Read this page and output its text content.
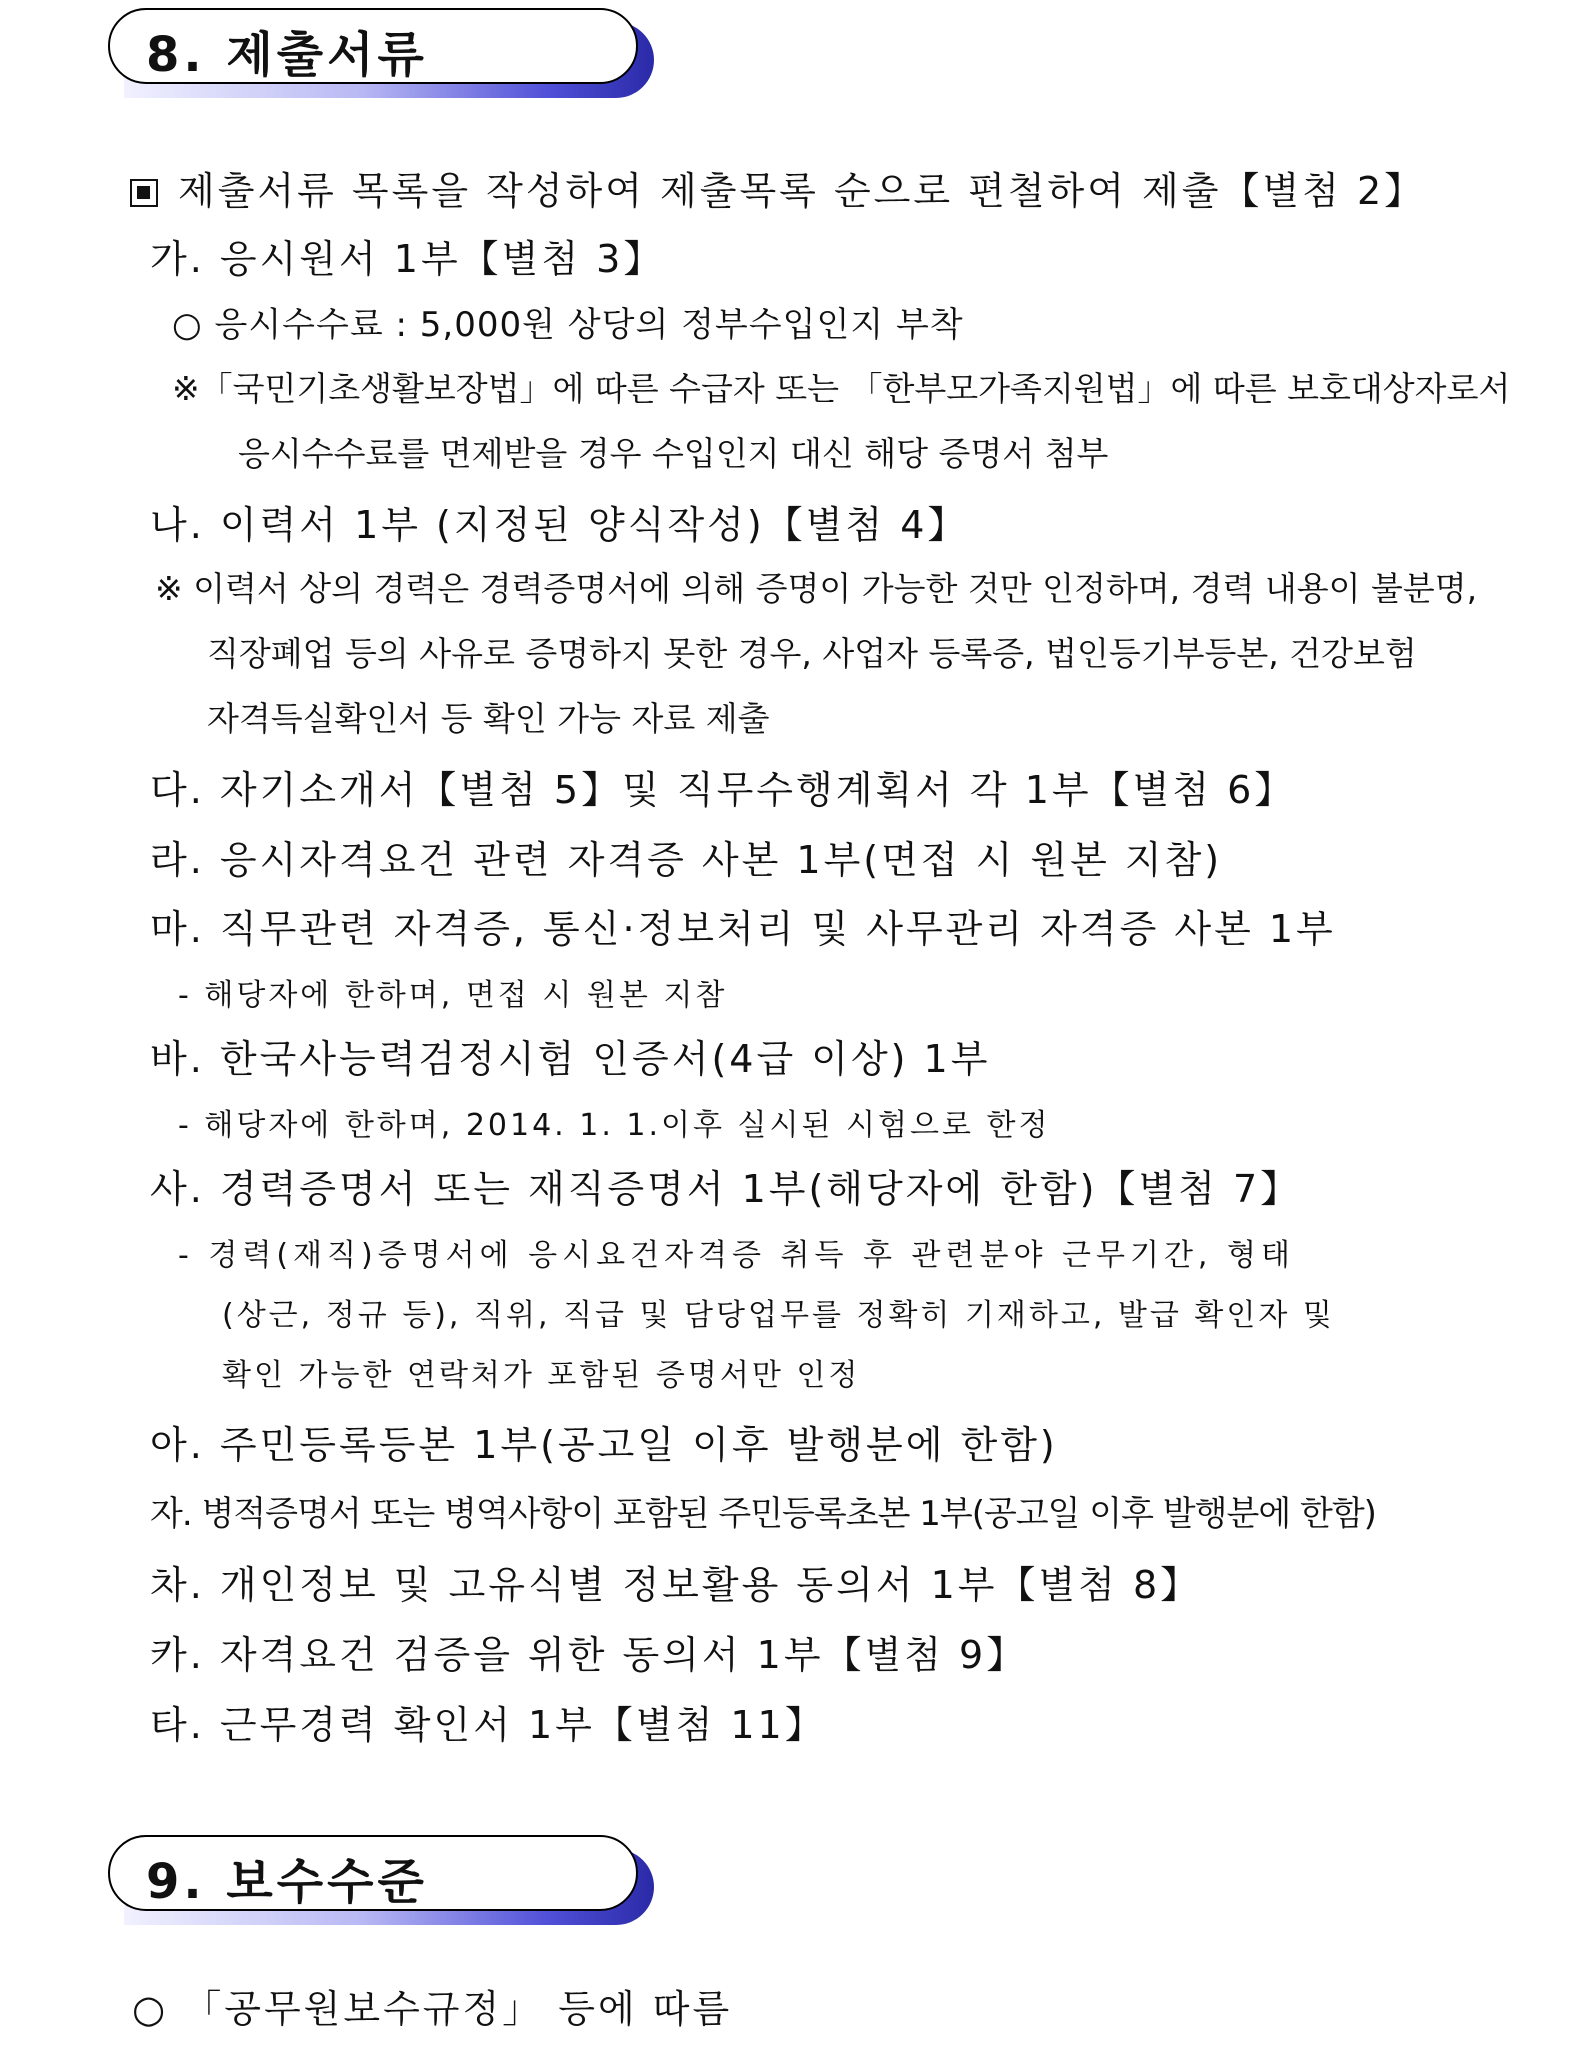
8. 제출서류
제출서류 목록을 작성하여 제출목록 순으로 편철하여 제출【별첨 2】
가. 응시원서 1부【별첨 3】
○ 응시수수료 : 5,000원 상당의 정부수입인지 부착
※「국민기초생활보장법」에 따른 수급자 또는 「한부모가족지원법」에 따른 보호대상자로서
응시수수료를 면제받을 경우 수입인지 대신 해당 증명서 첨부
나. 이력서 1부 (지정된 양식작성)【별첨 4】
※ 이력서 상의 경력은 경력증명서에 의해 증명이 가능한 것만 인정하며, 경력 내용이 불분명,
직장폐업 등의 사유로 증명하지 못한 경우, 사업자 등록증, 법인등기부등본, 건강보험
자격득실확인서 등 확인 가능 자료 제출
다. 자기소개서【별첨 5】및 직무수행계획서 각 1부【별첨 6】
라. 응시자격요건 관련 자격증 사본 1부(면접 시 원본 지참)
마. 직무관련 자격증, 통신·정보처리 및 사무관리 자격증 사본 1부
- 해당자에 한하며, 면접 시 원본 지참
바. 한국사능력검정시험 인증서(4급 이상) 1부
- 해당자에 한하며, 2014. 1. 1.이후 실시된 시험으로 한정
사. 경력증명서 또는 재직증명서 1부(해당자에 한함)【별첨 7】
- 경력(재직)증명서에 응시요건자격증 취득 후 관련분야 근무기간, 형태
(상근, 정규 등), 직위, 직급 및 담당업무를 정확히 기재하고, 발급 확인자 및
확인 가능한 연락처가 포함된 증명서만 인정
아. 주민등록등본 1부(공고일 이후 발행분에 한함)
자. 병적증명서 또는 병역사항이 포함된 주민등록초본 1부(공고일 이후 발행분에 한함)
차. 개인정보 및 고유식별 정보활용 동의서 1부【별첨 8】
카. 자격요건 검증을 위한 동의서 1부【별첨 9】
타. 근무경력 확인서 1부【별첨 11】
9. 보수수준
○ 「공무원보수규정」 등에 따름
